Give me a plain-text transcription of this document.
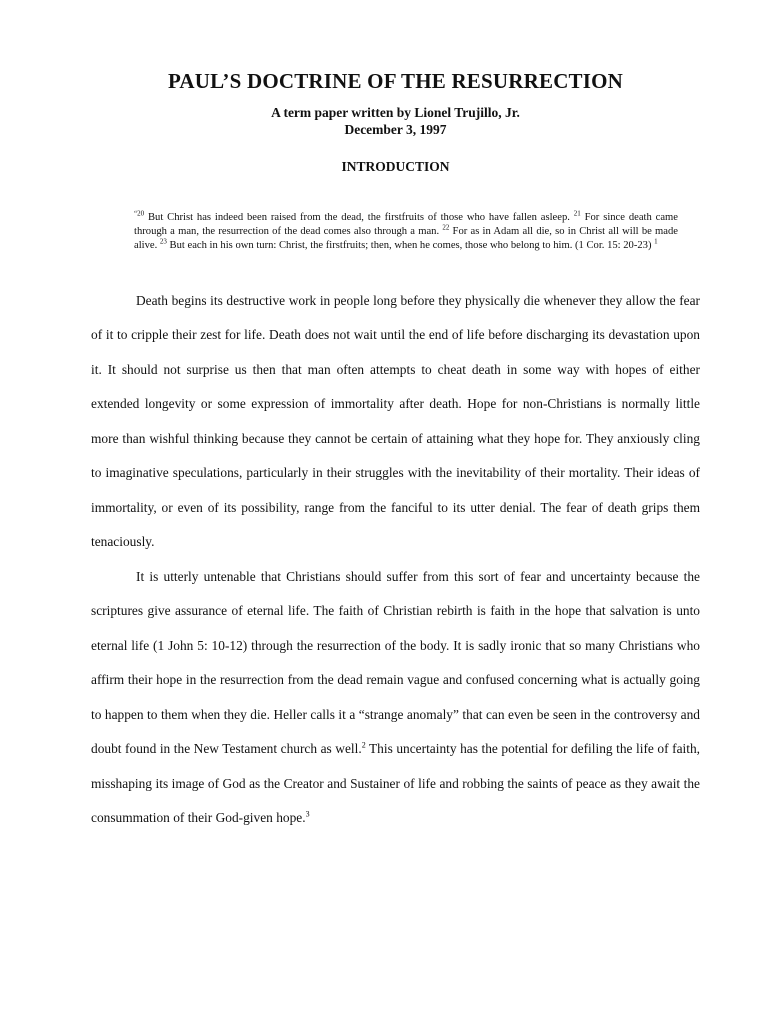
PAUL’S DOCTRINE OF THE RESURRECTION
A term paper written by Lionel Trujillo, Jr.
December 3, 1997
INTRODUCTION
$^{“20}$ But Christ has indeed been raised from the dead, the firstfruits of those who have fallen asleep. $^{21}$ For since death came through a man, the resurrection of the dead comes also through a man. $^{22}$ For as in Adam all die, so in Christ all will be made alive. $^{23}$ But each in his own turn: Christ, the firstfruits; then, when he comes, those who belong to him. (1 Cor. 15: 20-23) $^1$

Death begins its destructive work in people long before they physically die whenever they allow the fear of it to cripple their zest for life. Death does not wait until the end of life before discharging its devastation upon it. It should not surprise us then that man often attempts to cheat death in some way with hopes of either extended longevity or some expression of immortality after death. Hope for non-Christians is normally little more than wishful thinking because they cannot be certain of attaining what they hope for. They anxiously cling to imaginative speculations, particularly in their struggles with the inevitability of their mortality. Their ideas of immortality, or even of its possibility, range from the fanciful to its utter denial. The fear of death grips them tenaciously.

It is utterly untenable that Christians should suffer from this sort of fear and uncertainty because the scriptures give assurance of eternal life. The faith of Christian rebirth is faith in the hope that salvation is unto eternal life (1 John 5: 10-12) through the resurrection of the body. It is sadly ironic that so many Christians who affirm their hope in the resurrection from the dead remain vague and confused concerning what is actually going to happen to them when they die. Heller calls it a “strange anomaly” that can even be seen in the controversy and doubt found in the New Testament church as well.$^2$ This uncertainty has the potential for defiling the life of faith, misshaping its image of God as the Creator and Sustainer of life and robbing the saints of peace as they await the consummation of their God-given hope.$^3$
